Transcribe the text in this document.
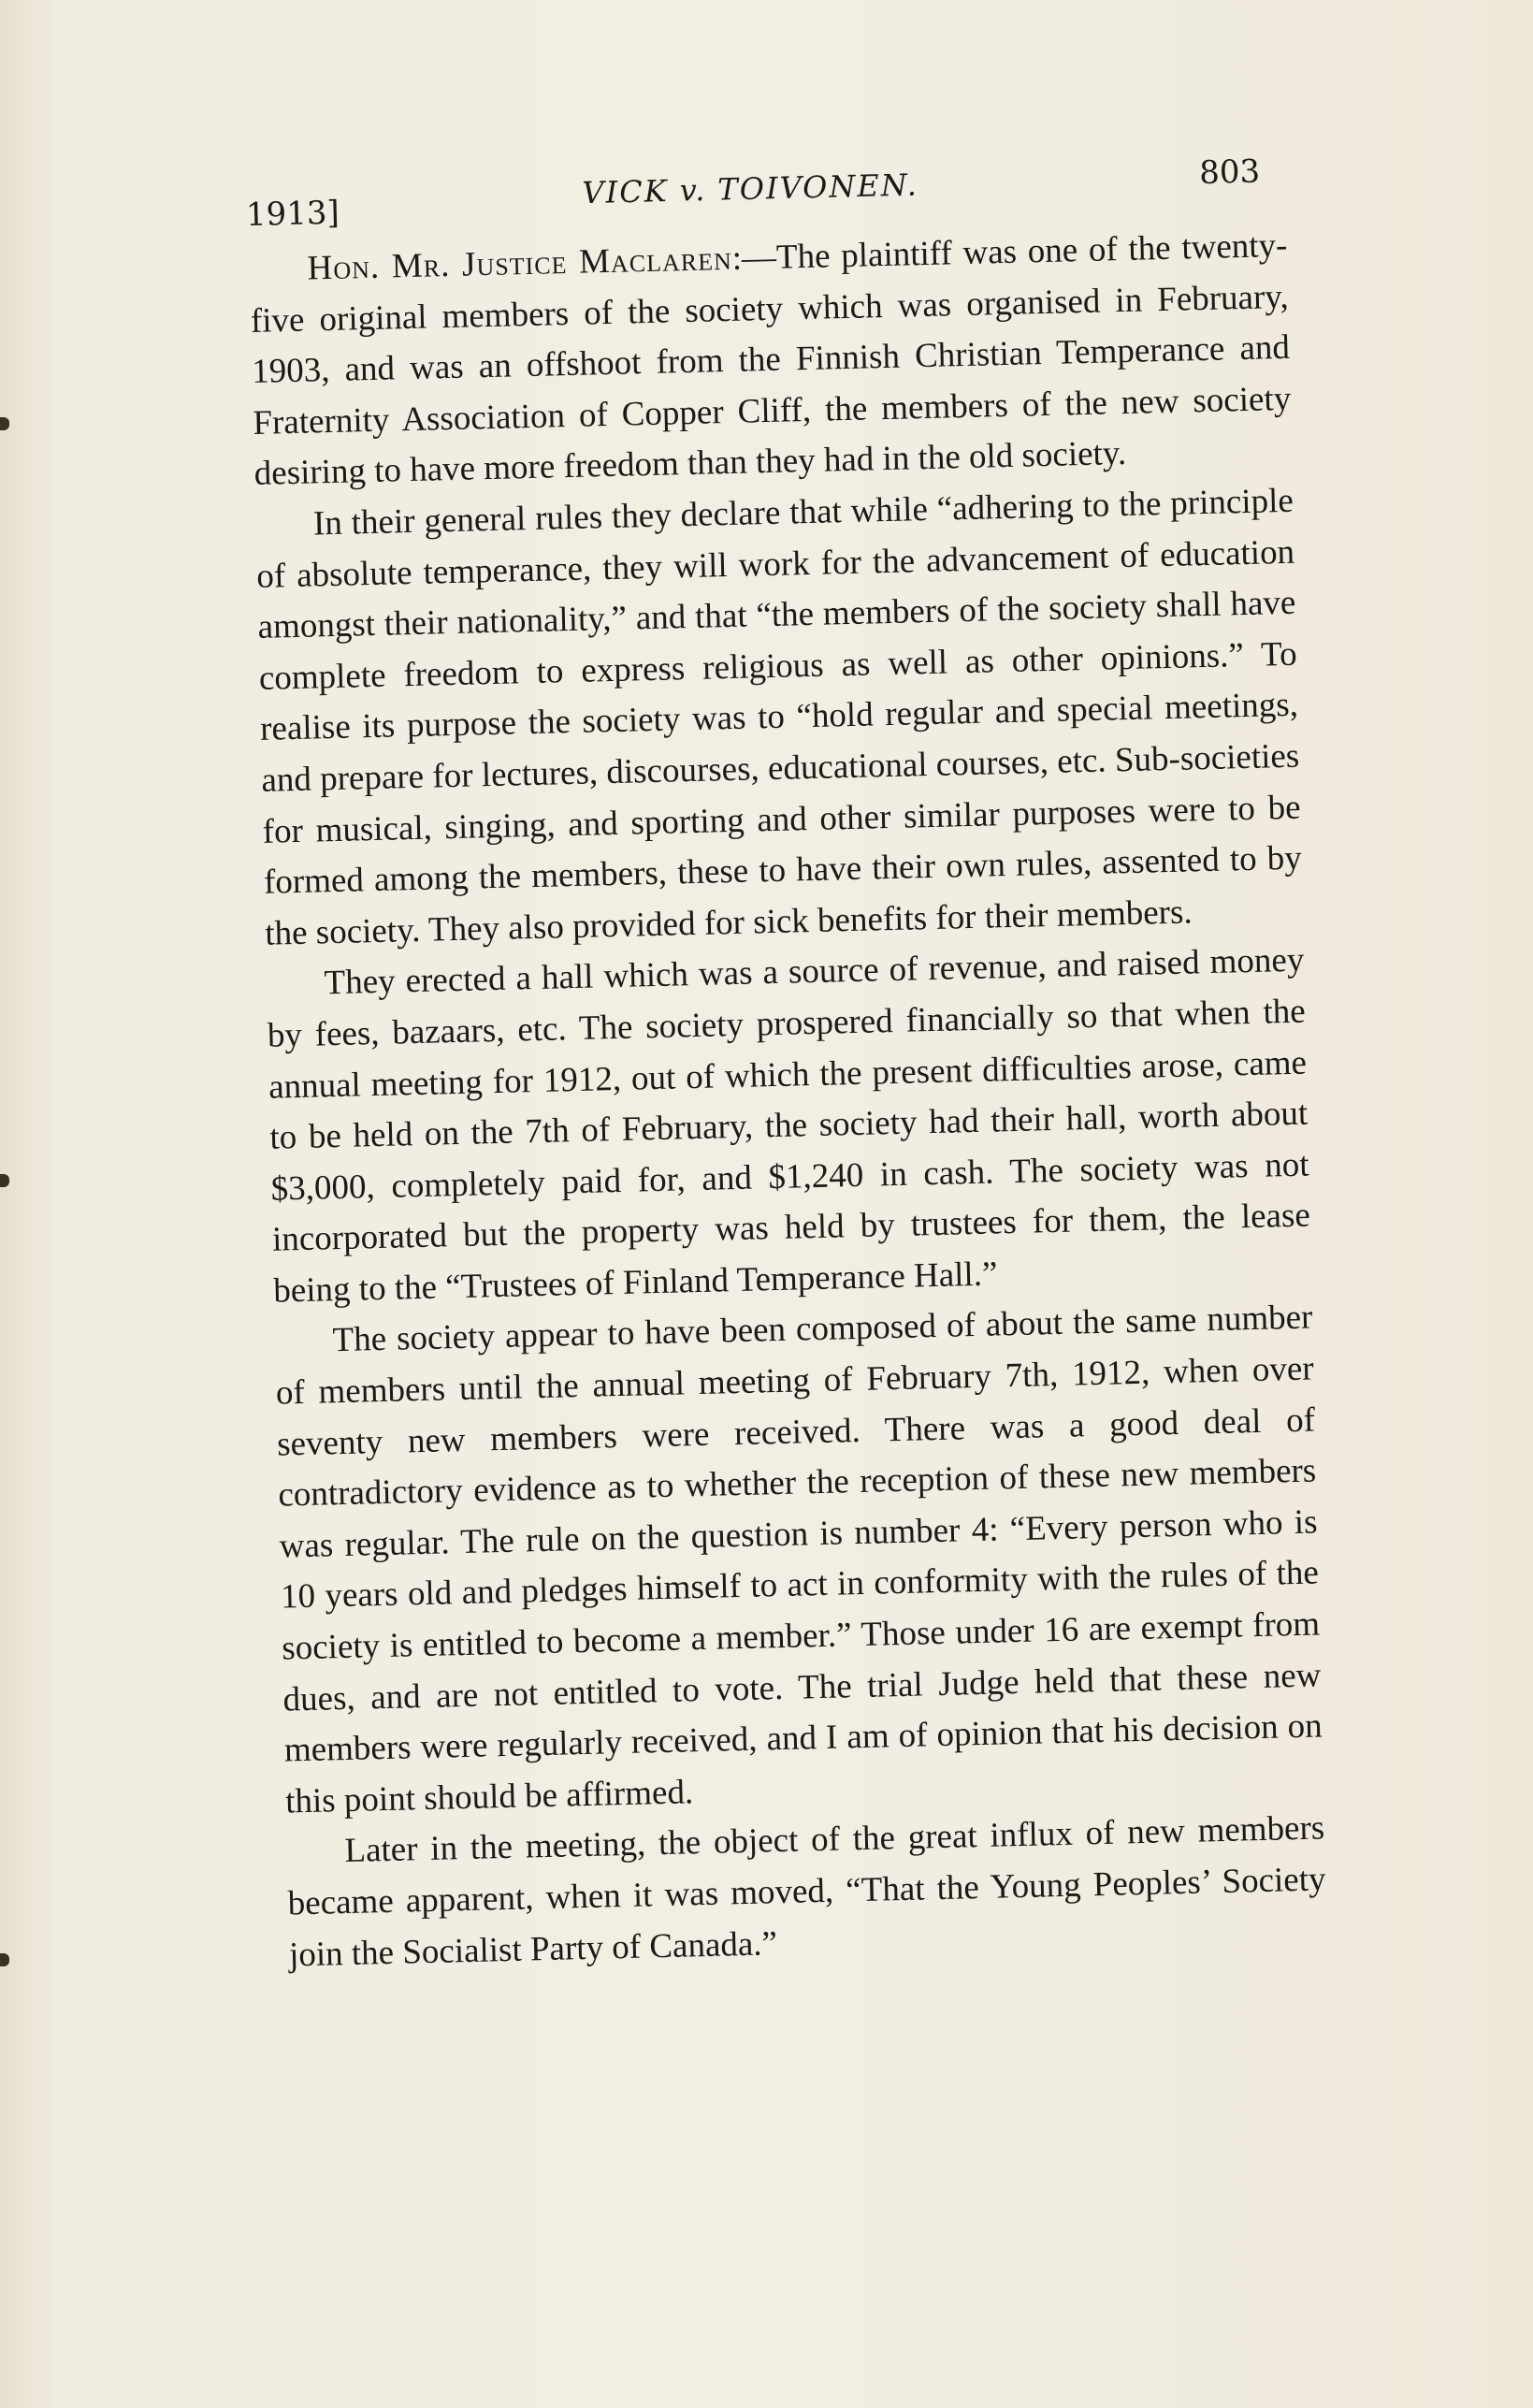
1913]
VICK v. TOIVONEN.	803

Hon. Mr. Justice Maclaren:—The plaintiff was one of the twenty-five original members of the society which was organised in February, 1903, and was an offshoot from the Finnish Christian Temperance and Fraternity Association of Copper Cliff, the members of the new society desiring to have more freedom than they had in the old society.

In their general rules they declare that while “adhering to the principle of absolute temperance, they will work for the advancement of education amongst their nationality,” and that “the members of the society shall have complete freedom to express religious as well as other opinions.” To realise its purpose the society was to “hold regular and special meetings, and prepare for lectures, discourses, educational courses, etc. Sub-societies for musical, singing, and sporting and other similar purposes were to be formed among the members, these to have their own rules, assented to by the society. They also provided for sick benefits for their members.

They erected a hall which was a source of revenue, and raised money by fees, bazaars, etc. The society prospered financially so that when the annual meeting for 1912, out of which the present difficulties arose, came to be held on the 7th of February, the society had their hall, worth about $3,000, completely paid for, and $1,240 in cash. The society was not incorporated but the property was held by trustees for them, the lease being to the “Trustees of Finland Temperance Hall.”

The society appear to have been composed of about the same number of members until the annual meeting of February 7th, 1912, when over seventy new members were received. There was a good deal of contradictory evidence as to whether the reception of these new members was regular. The rule on the question is number 4: “Every person who is 10 years old and pledges himself to act in conformity with the rules of the society is entitled to become a member.” Those under 16 are exempt from dues, and are not entitled to vote. The trial Judge held that these new members were regularly received, and I am of opinion that his decision on this point should be affirmed.

Later in the meeting, the object of the great influx of new members became apparent, when it was moved, “That the Young Peoples’ Society join the Socialist Party of Canada.”
